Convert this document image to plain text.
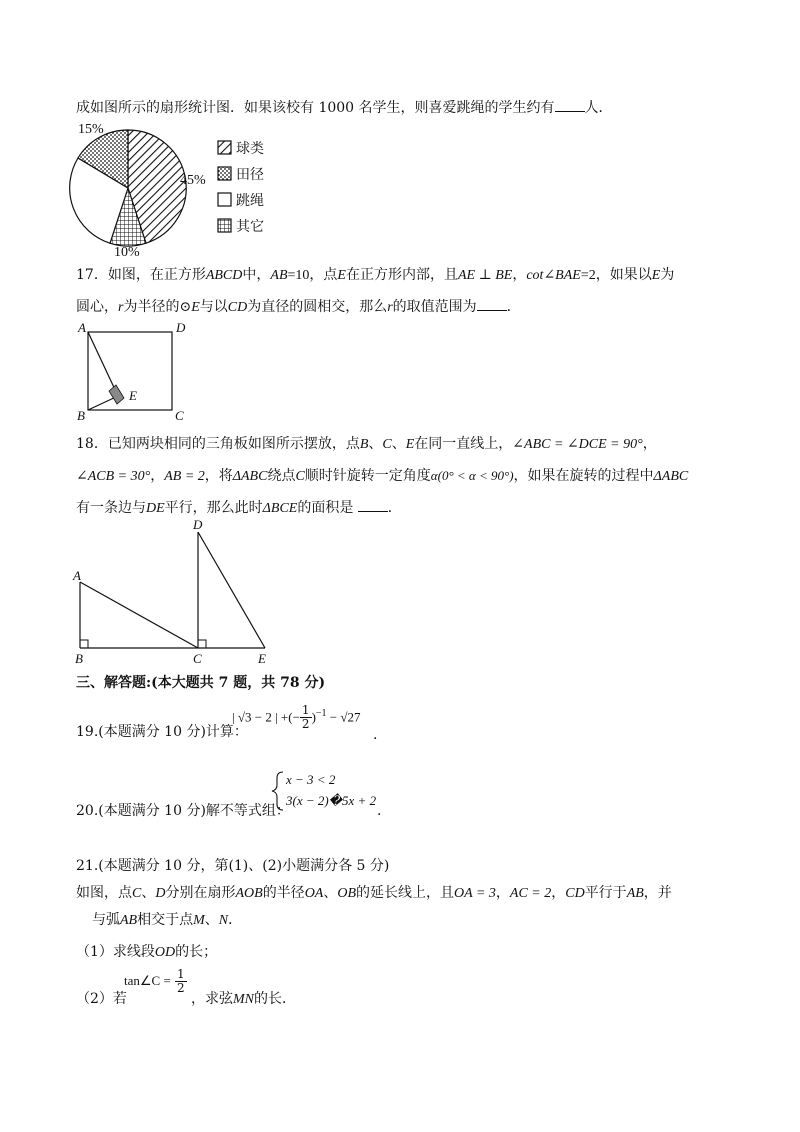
成如图所示的扇形统计图．如果该校有 1000 名学生，则喜爱跳绳的学生约有 人．
15%
45%
10%
球类
田径
跳绳
其它
A	D
B	C
E
D
A
B	C	E
17．如图，在正方形ABCD中，AB=10，点E在正方形内部，且AE ⊥ BE，cot∠BAE=2，如果以E为
圆心，r为半径的⊙E与以CD为直径的圆相交，那么r的取值范围为 ．
18．已知两块相同的三角板如图所示摆放，点B、C、E在同一直线上，∠ABC = ∠DCE = 90°，
∠ACB = 30°，AB = 2，将ΔABC绕点C顺时针旋转一定角度α(0° < α < 90°)，如果在旋转的过程中ΔABC
有一条边与DE平行，那么此时ΔBCE的面积是 ．
三、解答题:(本大题共 7 题，共 78 分)
19.(本题满分 10 分)计算：
| √3 − 2 | +(− $\frac{1}{2} )^{-1} - √27$
.
20.(本题满分 10 分)解不等式组：
x − 3 < 2
3(x − 2)�5x + 2
.
21.(本题满分 10 分，第(1)、(2)小题满分各 5 分)
如图，点C、D分别在扇形AOB的半径OA、OB的延长线上，且OA = 3，AC = 2，CD平行于AB，并
与弧AB相交于点M、N．
（1）求线段OD的长；
（2）若
tan∠C = $\frac{1}{2}$
，求弦MN的长．
